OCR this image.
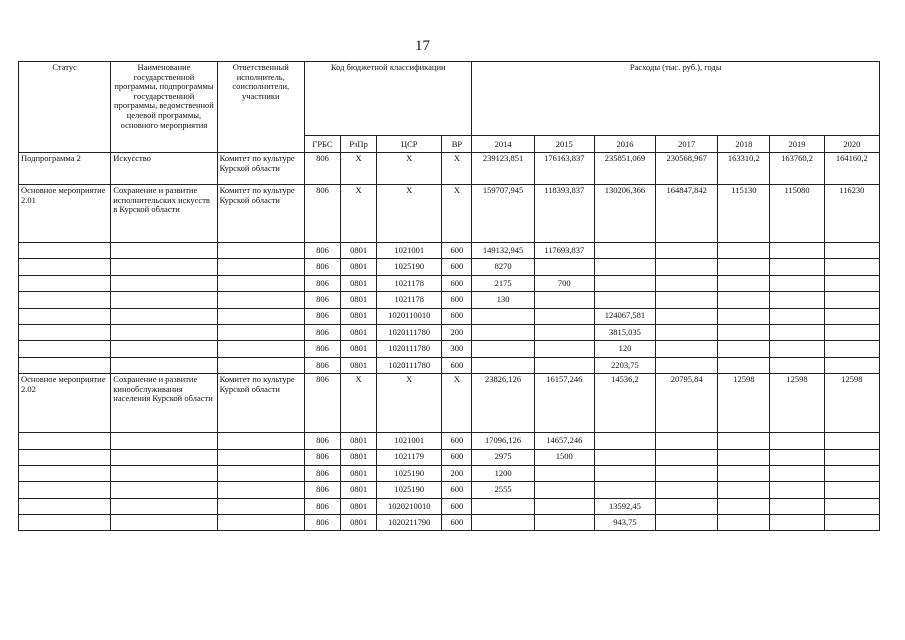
17
Статус	Наименование государственной программы, подпрограммы государственной программы, ведомственной целевой программы, основного мероприятия	Ответственный исполнитель, соисполнители, участники	Код бюджетной классификации				Расходы (тыс. руб.), годы						
			ГРБС	РзПр	ЦСР	ВР	2014	2015	2016	2017	2018	2019	2020
Подпрограмма 2	Искусство	Комитет по культуре Курской области	806	X	X	X	239123,851	176163,837	235851,069	230568,967	163310,2	163760,2	164160,2
Основное мероприятие 2.01	Сохранение и развитие исполнительских искусств в Курской области	Комитет по культуре Курской области	806	X	X	X	159707,945	118393,837	130206,366	164847,842	115130	115080	116230
			806	0801	1021001	600	149132,945	117693,837					
			806	0801	1025190	600	8270						
			806	0801	1021178	600	2175	700					
			806	0801	1021178	600	130						
			806	0801	1020110010	600			124067,581				
			806	0801	1020111780	200			3815,035				
			806	0801	1020111780	300			120				
			806	0801	1020111780	600			2203,75				
Основное мероприятие 2.02	Сохранение и развитие кинообслуживания населения Курской области	Комитет по культуре Курской области	806	X	X	X	23826,126	16157,246	14536,2	20795,84	12598	12598	12598
			806	0801	1021001	600	17096,126	14657,246					
			806	0801	1021179	600	2975	1500					
			806	0801	1025190	200	1200						
			806	0801	1025190	600	2555						
			806	0801	1020210010	600			13592,45				
			806	0801	1020211790	600			943,75				
